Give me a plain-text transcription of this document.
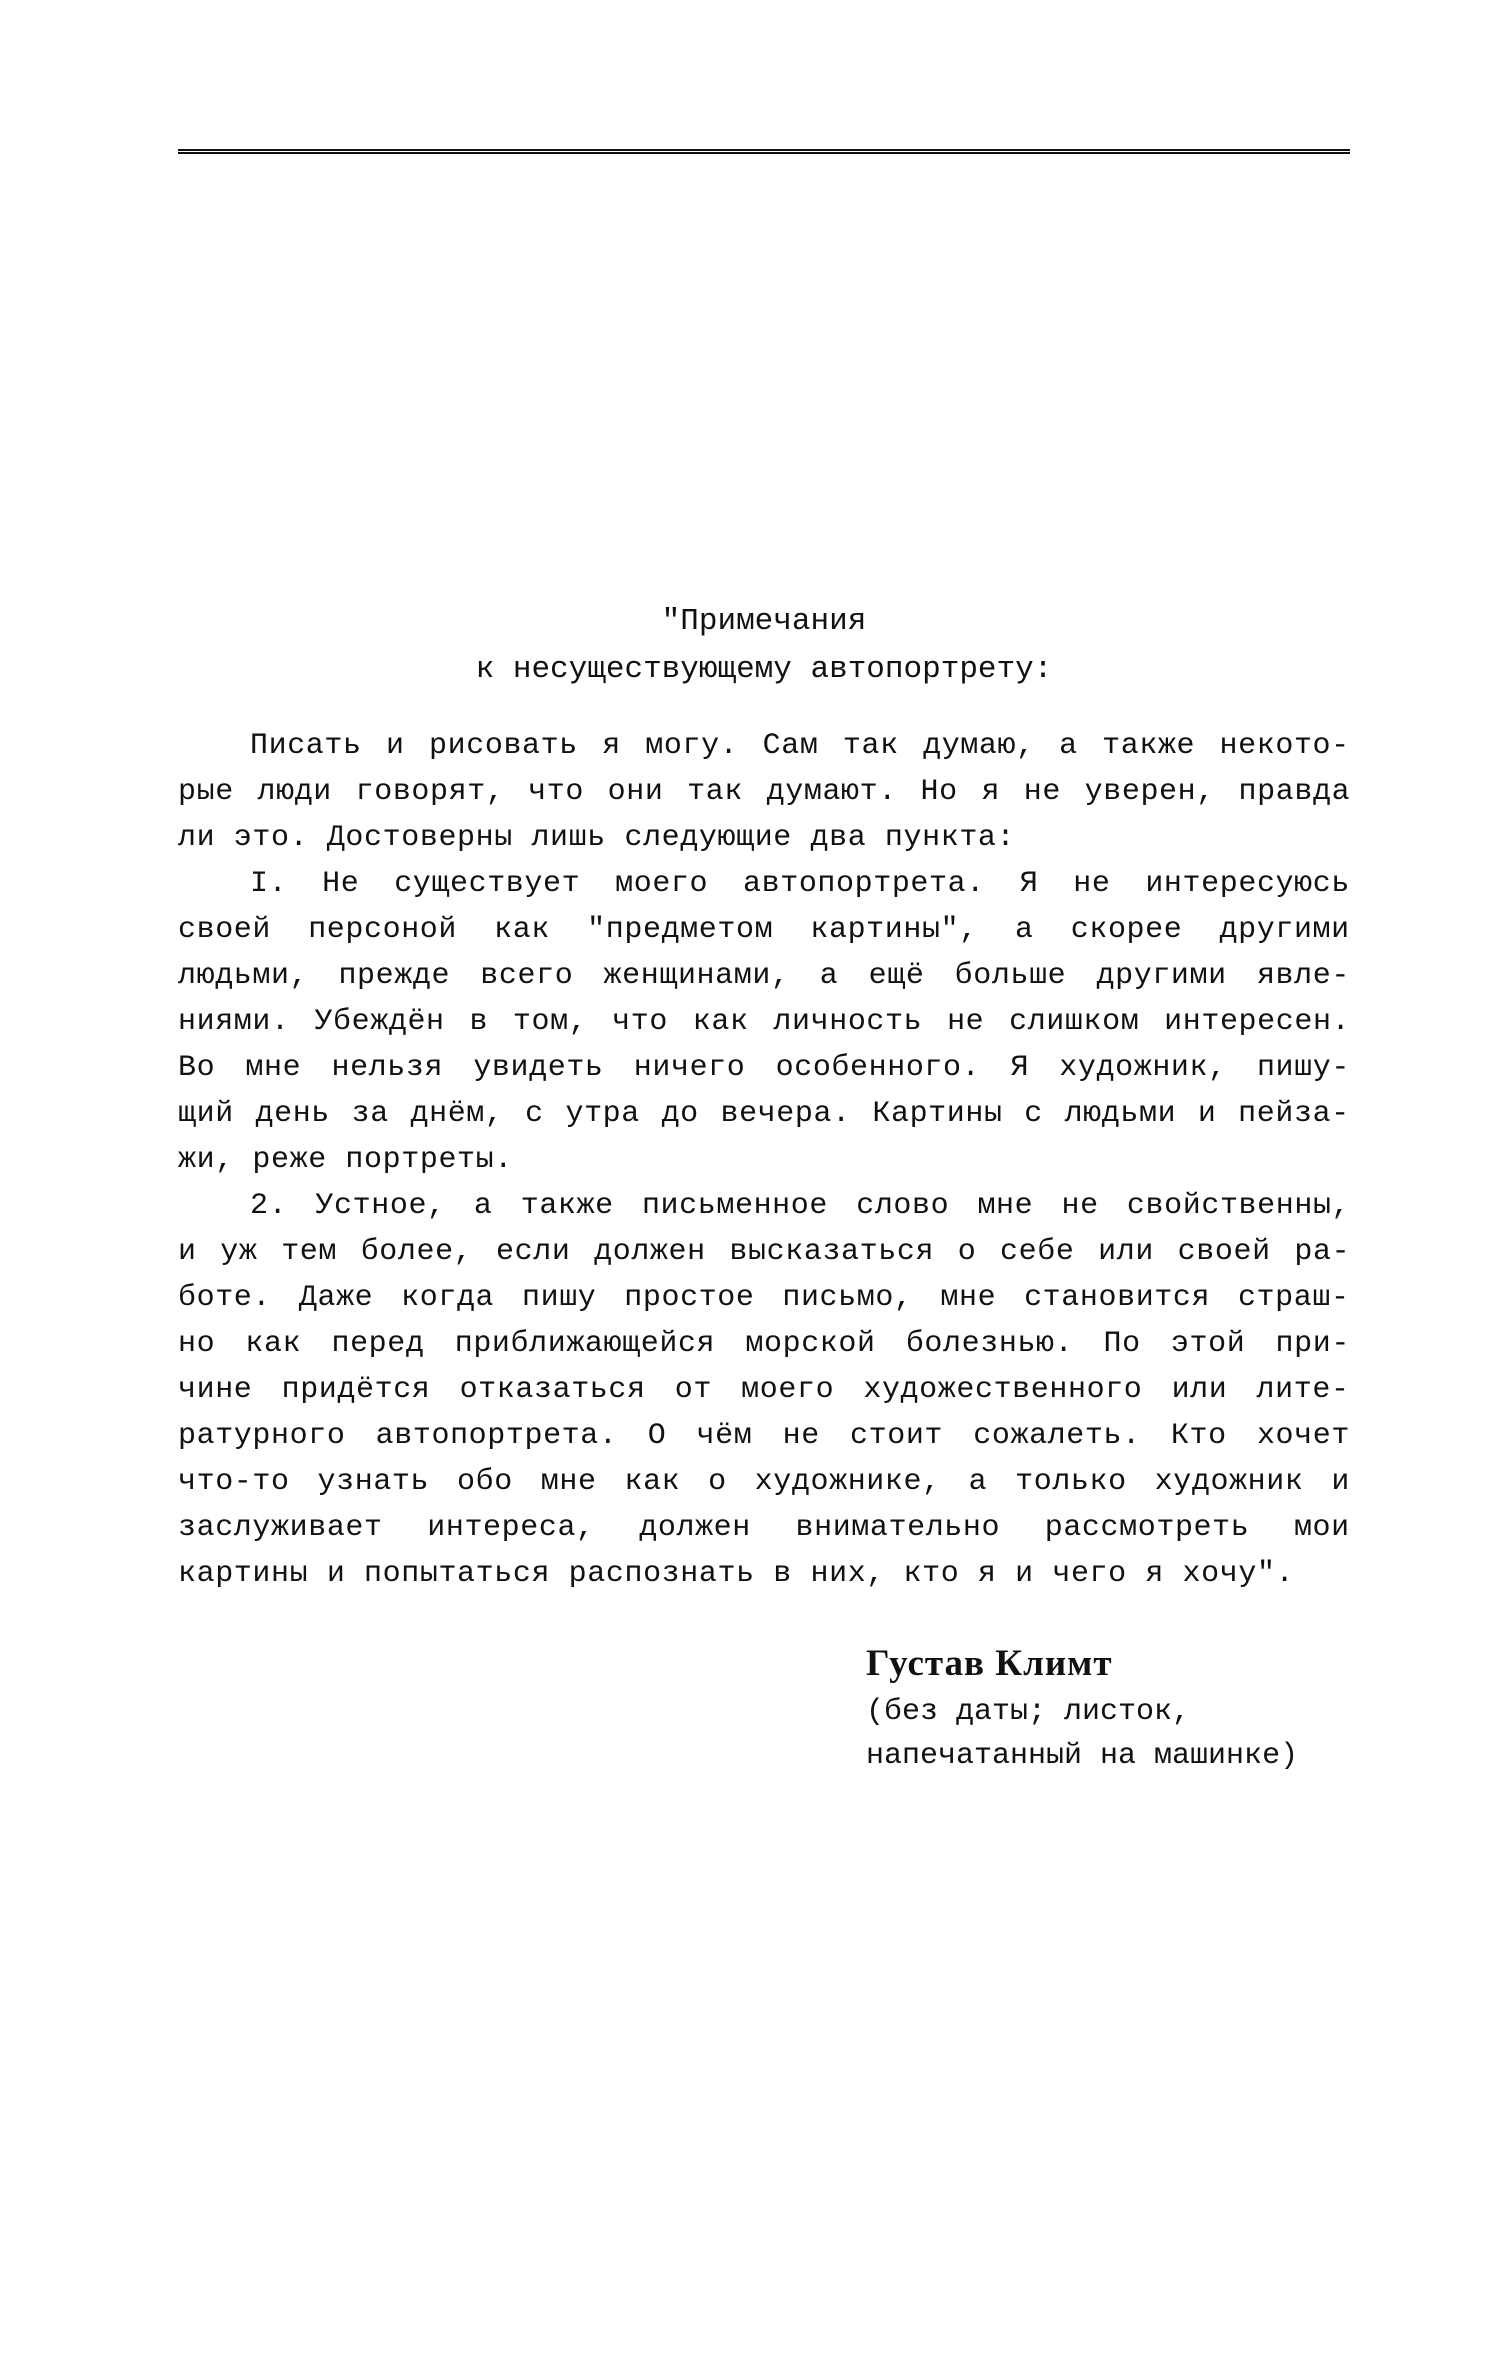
"Примечания
к несуществующему автопортрету:
Писать и рисовать я могу. Сам так думаю, а также некото-
рые люди говорят, что они так думают. Но я не уверен, правда
ли это. Достоверны лишь следующие два пункта:
I. Не существует моего автопортрета. Я не интересуюсь
своей персоной как "предметом картины", а скорее другими
людьми, прежде всего женщинами, а ещё больше другими явле-
ниями. Убеждён в том, что как личность не слишком интересен.
Во мне нельзя увидеть ничего особенного. Я художник, пишу-
щий день за днём, с утра до вечера. Картины с людьми и пейза-
жи, реже портреты.
2. Устное, а также письменное слово мне не свойственны,
и уж тем более, если должен высказаться о себе или своей ра-
боте. Даже когда пишу простое письмо, мне становится страш-
но как перед приближающейся морской болезнью. По этой при-
чине придётся отказаться от моего художественного или лите-
ратурного автопортрета. О чём не стоит сожалеть. Кто хочет
что-то узнать обо мне как о художнике, а только художник и
заслуживает интереса, должен внимательно рассмотреть мои
картины и попытаться распознать в них, кто я и чего я хочу".
Густав Климт
(без даты; листок,
напечатанный на машинке)
